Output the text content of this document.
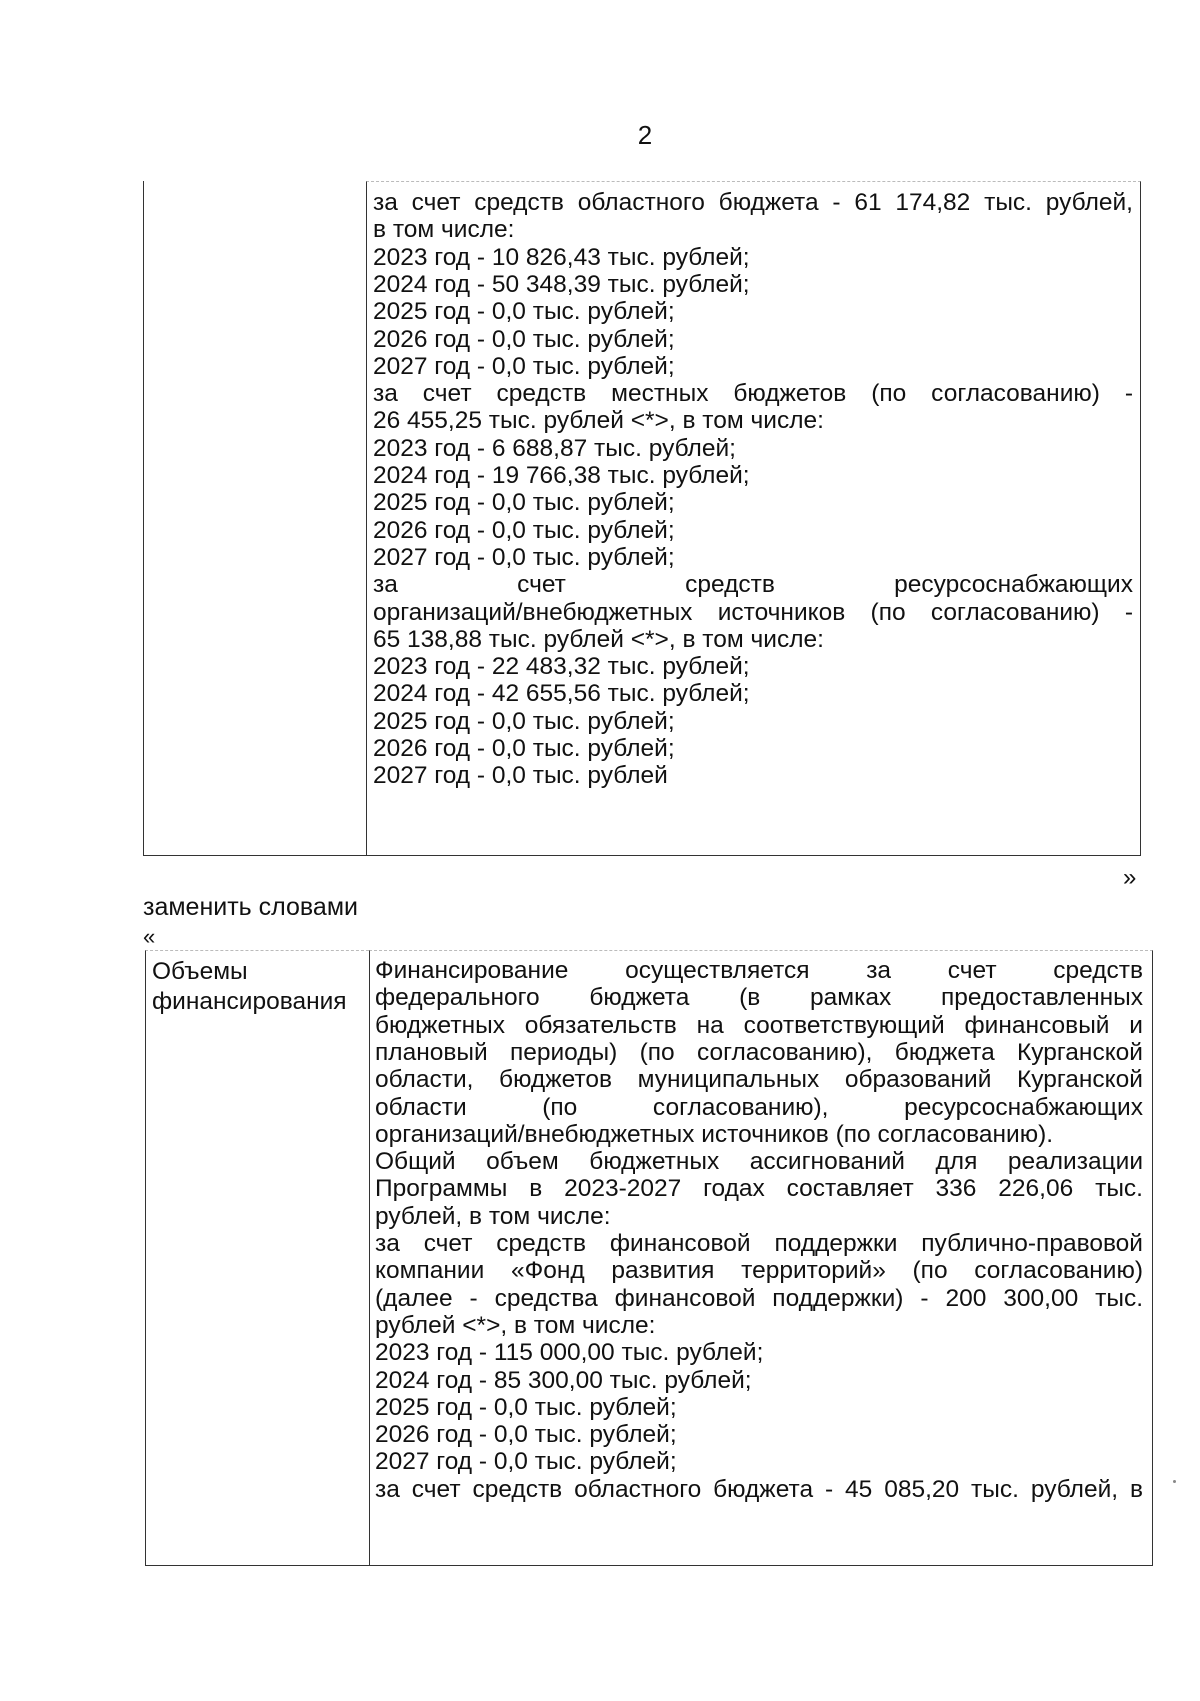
2
за счет средств областного бюджета - 61 174,82 тыс. рублей,
в том числе:
2023 год - 10 826,43 тыс. рублей;
2024 год - 50 348,39 тыс. рублей;
2025 год - 0,0 тыс. рублей;
2026 год - 0,0 тыс. рублей;
2027 год - 0,0 тыс. рублей;
за счет средств местных бюджетов (по согласованию) -
26 455,25 тыс. рублей <*>, в том числе:
2023 год - 6 688,87 тыс. рублей;
2024 год - 19 766,38 тыс. рублей;
2025 год - 0,0 тыс. рублей;
2026 год - 0,0 тыс. рублей;
2027 год - 0,0 тыс. рублей;
за счет средств ресурсоснабжающих
организаций/внебюджетных источников (по согласованию) -
65 138,88 тыс. рублей <*>, в том числе:
2023 год - 22 483,32 тыс. рублей;
2024 год - 42 655,56 тыс. рублей;
2025 год - 0,0 тыс. рублей;
2026 год - 0,0 тыс. рублей;
2027 год - 0,0 тыс. рублей
»
заменить словами
«
Объемы
финансирования
Финансирование осуществляется за счет средств
федерального бюджета (в рамках предоставленных
бюджетных обязательств на соответствующий финансовый и
плановый периоды) (по согласованию), бюджета Курганской
области, бюджетов муниципальных образований Курганской
области (по согласованию), ресурсоснабжающих
организаций/внебюджетных источников (по согласованию).
Общий объем бюджетных ассигнований для реализации
Программы в 2023-2027 годах составляет 336 226,06 тыс.
рублей, в том числе:
за счет средств финансовой поддержки публично-правовой
компании «Фонд развития территорий» (по согласованию)
(далее - средства финансовой поддержки) - 200 300,00 тыс.
рублей <*>, в том числе:
2023 год - 115 000,00 тыс. рублей;
2024 год - 85 300,00 тыс. рублей;
2025 год - 0,0 тыс. рублей;
2026 год - 0,0 тыс. рублей;
2027 год - 0,0 тыс. рублей;
за счет средств областного бюджета - 45 085,20 тыс. рублей, в
